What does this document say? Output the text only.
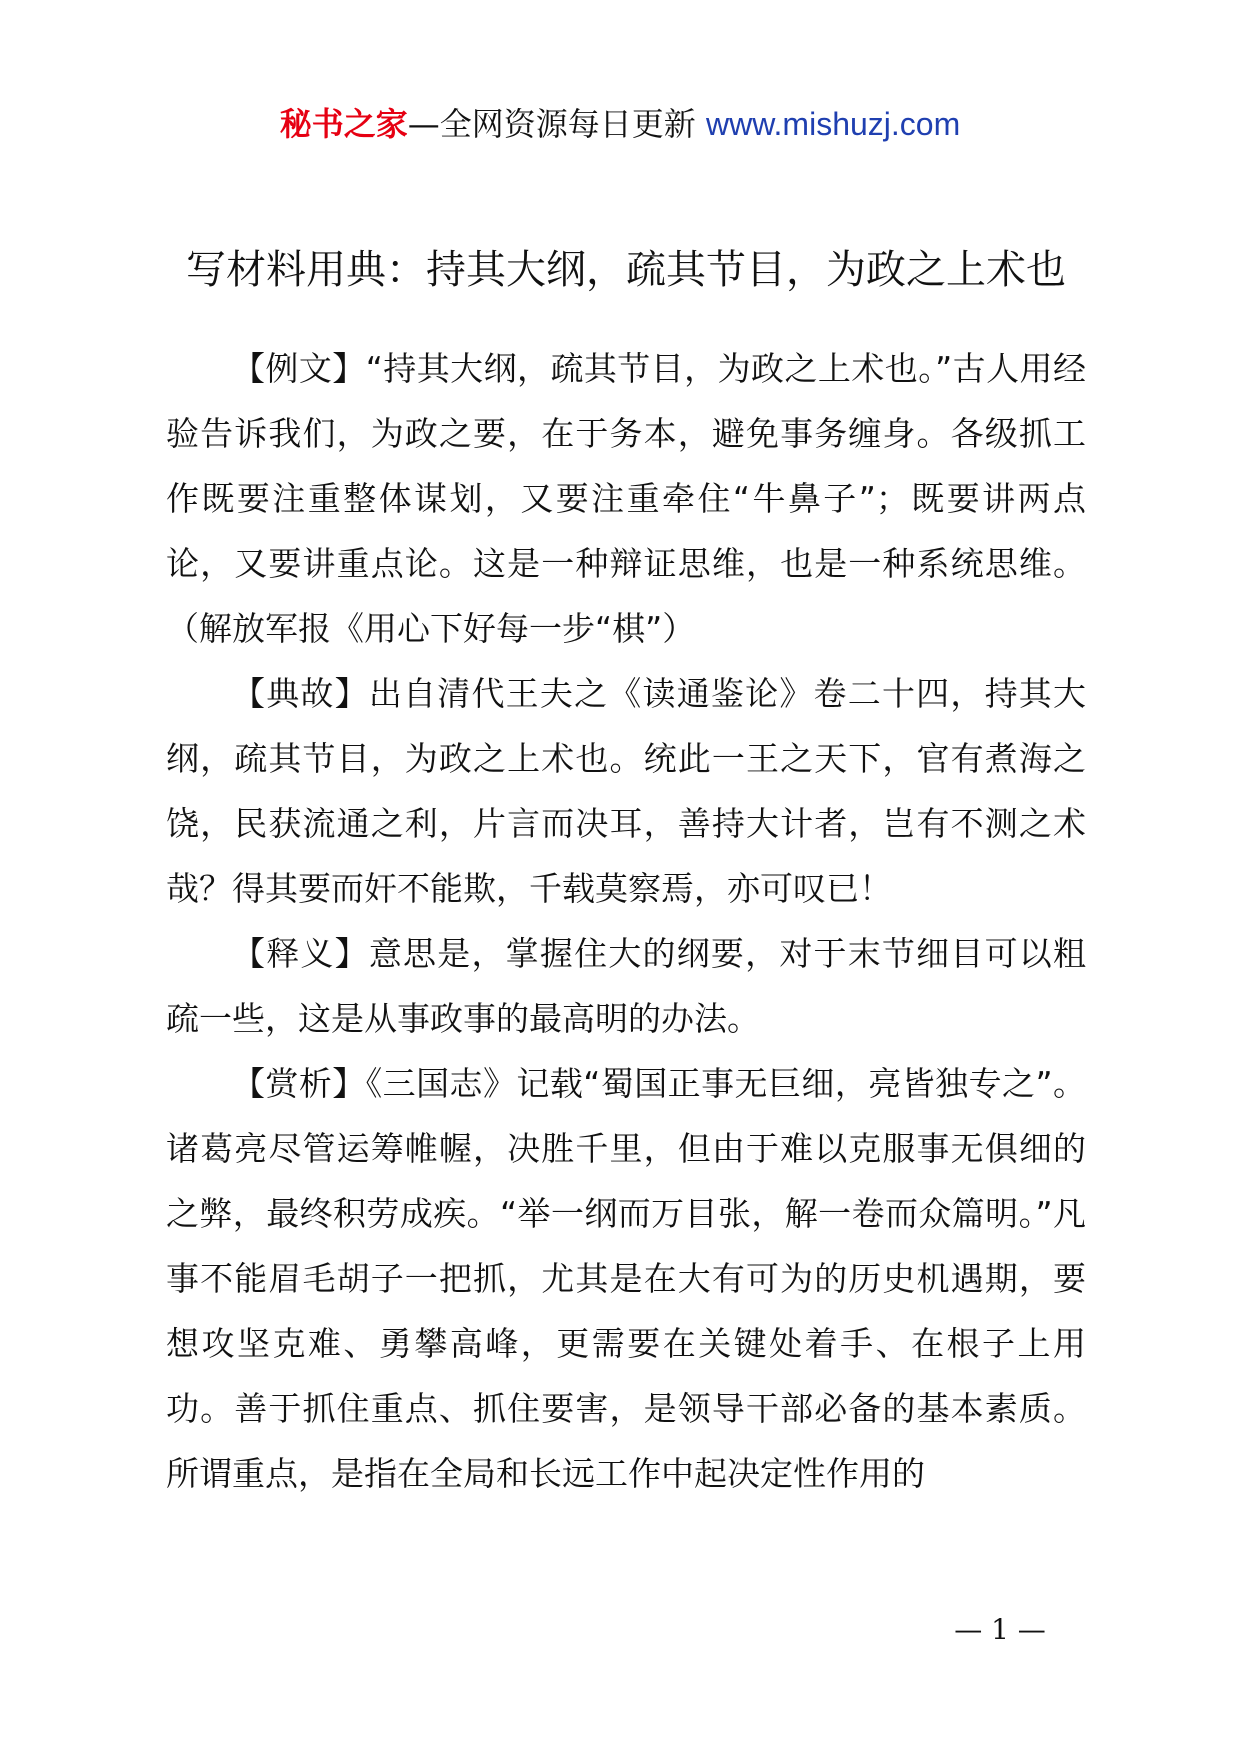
秘书之家—全网资源每日更新 www.mishuzj.com
写材料用典：持其大纲，疏其节目，为政之上术也

【例文】“持其大纲，疏其节目，为政之上术也。”古人用经验告诉我们，为政之要，在于务本，避免事务缠身。各级抓工作既要注重整体谋划，又要注重牵住“牛鼻子”；既要讲两点论，又要讲重点论。这是一种辩证思维，也是一种系统思维。（解放军报《用心下好每一步“棋”）

【典故】出自清代王夫之《读通鉴论》卷二十四，持其大纲，疏其节目，为政之上术也。统此一王之天下，官有煮海之饶，民获流通之利，片言而决耳，善持大计者，岂有不测之术哉？得其要而奸不能欺，千载莫察焉，亦可叹已！

【释义】意思是，掌握住大的纲要，对于末节细目可以粗疏一些，这是从事政事的最高明的办法。

【赏析】《三国志》记载“蜀国正事无巨细，亮皆独专之”。诸葛亮尽管运筹帷幄，决胜千里，但由于难以克服事无俱细的之弊，最终积劳成疾。“举一纲而万目张，解一卷而众篇明。”凡事不能眉毛胡子一把抓，尤其是在大有可为的历史机遇期，要想攻坚克难、勇攀高峰，更需要在关键处着手、在根子上用功。善于抓住重点、抓住要害，是领导干部必备的基本素质。所谓重点，是指在全局和长远工作中起决定性作用的

— 1 —
